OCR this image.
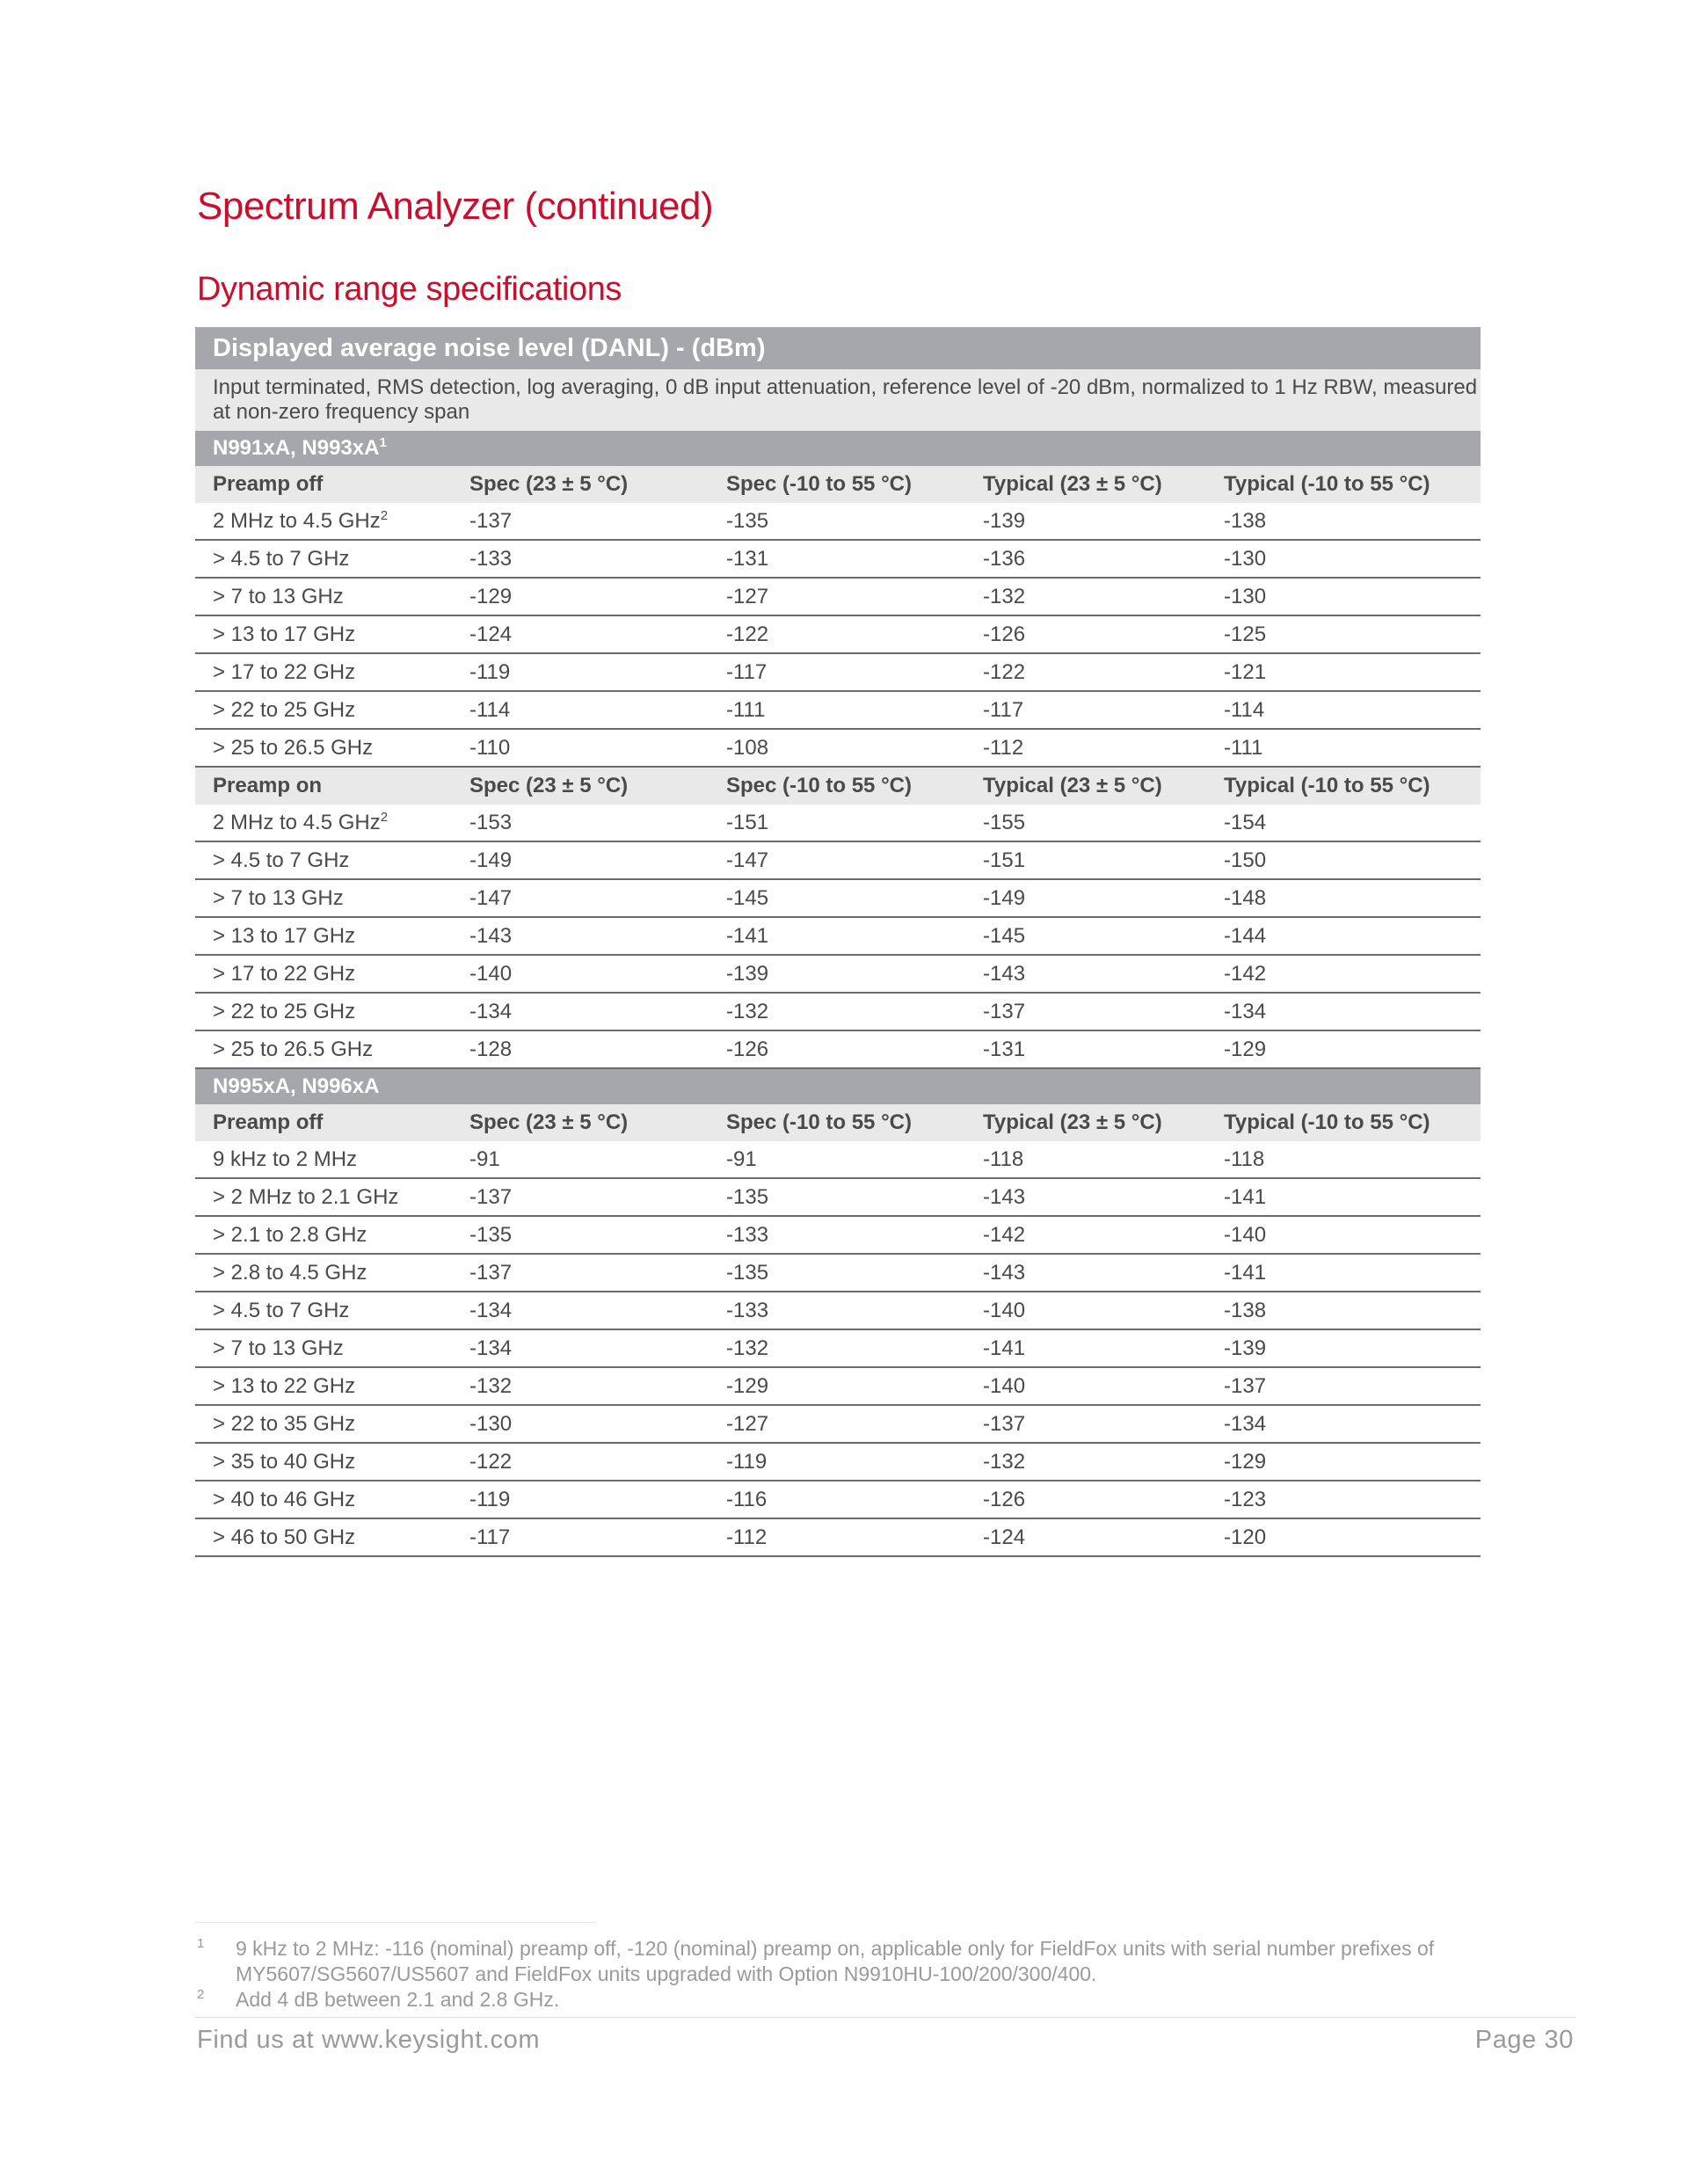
Spectrum Analyzer (continued)
Dynamic range specifications
Displayed average noise level (DANL) - (dBm)				
Input terminated, RMS detection, log averaging, 0 dB input attenuation, reference level of -20 dBm, normalized to 1 Hz RBW, measured at non-zero frequency span				
N991xA, $N993xA^1$
Preamp off	Spec (23 ± 5 °C)	Spec (-10 to 55 °C)	Typical (23 ± 5 °C)	Typical (-10 to 55 °C)
2 MHz to 4.5 GHz$^2$	-137	-135	-139	-138
> 4.5 to 7 GHz	-133	-131	-136	-130
> 7 to 13 GHz	-129	-127	-132	-130
> 13 to 17 GHz	-124	-122	-126	-125
> 17 to 22 GHz	-119	-117	-122	-121
> 22 to 25 GHz	-114	-111	-117	-114
> 25 to 26.5 GHz	-110	-108	-112	-111
Preamp on	Spec (23 ± 5 °C)	Spec (-10 to 55 °C)	Typical (23 ± 5 °C)	Typical (-10 to 55 °C)
2 MHz to 4.5 GHz$^2$	-153	-151	-155	-154
> 4.5 to 7 GHz	-149	-147	-151	-150
> 7 to 13 GHz	-147	-145	-149	-148
> 13 to 17 GHz	-143	-141	-145	-144
> 17 to 22 GHz	-140	-139	-143	-142
> 22 to 25 GHz	-134	-132	-137	-134
> 25 to 26.5 GHz	-128	-126	-131	-129
N995xA, N996xA				
Preamp off	Spec (23 ± 5 °C)	Spec (-10 to 55 °C)	Typical (23 ± 5 °C)	Typical (-10 to 55 °C)
9 kHz to 2 MHz	-91	-91	-118	-118
> 2 MHz to 2.1 GHz	-137	-135	-143	-141
> 2.1 to 2.8 GHz	-135	-133	-142	-140
> 2.8 to 4.5 GHz	-137	-135	-143	-141
> 4.5 to 7 GHz	-134	-133	-140	-138
> 7 to 13 GHz	-134	-132	-141	-139
> 13 to 22 GHz	-132	-129	-140	-137
> 22 to 35 GHz	-130	-127	-137	-134
> 35 to 40 GHz	-122	-119	-132	-129
> 40 to 46 GHz	-119	-116	-126	-123
> 46 to 50 GHz	-117	-112	-124	-120
1 9 kHz to 2 MHz: -116 (nominal) preamp off, -120 (nominal) preamp on, applicable only for FieldFox units with serial number prefixes of MY5607/SG5607/US5607 and FieldFox units upgraded with Option N9910HU-100/200/300/400.
2 Add 4 dB between 2.1 and 2.8 GHz.
Find us at www.keysight.com	Page 30
